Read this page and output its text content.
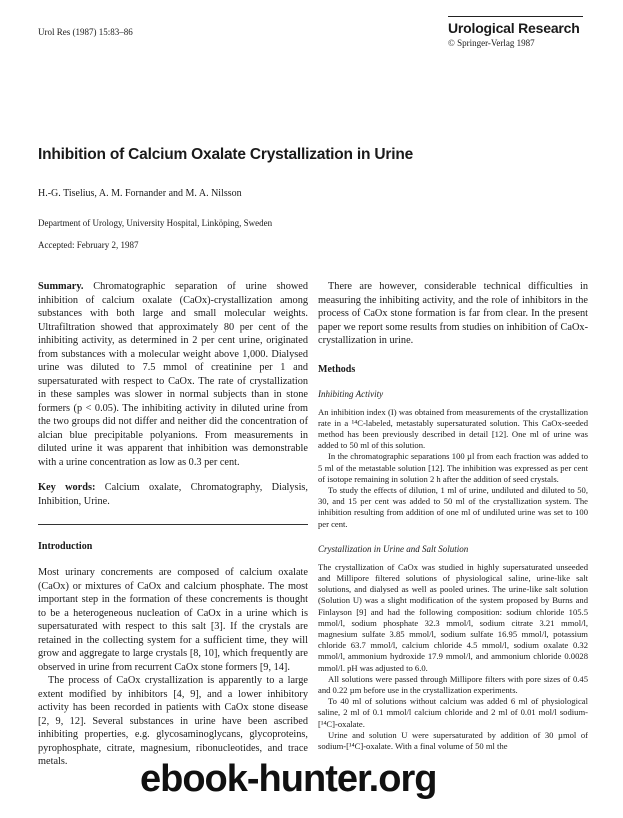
Urol Res (1987) 15:83–86	Urological Research
© Springer-Verlag 1987
Inhibition of Calcium Oxalate Crystallization in Urine
H.-G. Tiselius, A. M. Fornander and M. A. Nilsson
Department of Urology, University Hospital, Linköping, Sweden
Accepted: February 2, 1987

Summary. Chromatographic separation of urine showed inhibition of calcium oxalate (CaOx)-crystallization among substances with both large and small molecular weights. Ultrafiltration showed that approximately 80 per cent of the inhibiting activity, as determined in 2 per cent urine, originated from substances with a molecular weight above 1,000. Dialysed urine was diluted to 7.5 mmol of creatinine per 1 and supersaturated with respect to CaOx. The rate of crystallization in these samples was slower in normal subjects than in stone formers (p < 0.05). The inhibiting activity in diluted urine from the two groups did not differ and neither did the concentration of alcian blue precipitable polyanions. From measurements in diluted urine it was apparent that inhibition was demonstrable with a urine concentration as low as 0.3 per cent.

Key words: Calcium oxalate, Chromatography, Dialysis, Inhibition, Urine.

Introduction

Most urinary concrements are composed of calcium oxalate (CaOx) or mixtures of CaOx and calcium phosphate. The most important step in the formation of these concrements is thought to be a heterogeneous nucleation of CaOx in a urine which is supersaturated with respect to this salt [3]. If the crystals are retained in the collecting system for a sufficient time, they will grow and aggregate to large crystals [8, 10], which frequently are observed in urine from recurrent CaOx stone formers [9, 14].

The process of CaOx crystallization is apparently to a large extent modified by inhibitors [4, 9], and a lower inhibitory activity has been recorded in patients with CaOx stone disease [2, 9, 12]. Several substances in urine have been ascribed inhibiting properties, e.g. glycosaminoglycans, glycoproteins, pyrophosphate, citrate, magnesium, ribonucleotides, and trace metals.

There are however, considerable technical difficulties in measuring the inhibiting activity, and the role of inhibitors in the process of CaOx stone formation is far from clear. In the present paper we report some results from studies on inhibition of CaOx-crystallization in urine.

Methods

Inhibiting Activity

An inhibition index (I) was obtained from measurements of the crystallization rate in a ¹⁴C-labeled, metastably supersaturated solution. This CaOx-seeded method has been previously described in detail [12]. One ml of urine was added to 50 ml of this solution.

In the chromatographic separations 100 µl from each fraction was added to 5 ml of the metastable solution [12]. The inhibition was expressed as per cent of isotope remaining in solution 2 h after the addition of seed crystals.

To study the effects of dilution, 1 ml of urine, undiluted and diluted to 50, 30, and 15 per cent was added to 50 ml of the crystallization system. The inhibition resulting from addition of one ml of undiluted urine was set to 100 per cent.

Crystallization in Urine and Salt Solution

The crystallization of CaOx was studied in highly supersaturated unseeded and Millipore filtered solutions of physiological saline, urine-like salt solutions, and dialysed as well as pooled urines. The urine-like salt solution (Solution U) was a slight modification of the system proposed by Burns and Finlayson [9] and had the following composition: sodium chloride 105.5 mmol/l, sodium phosphate 32.3 mmol/l, sodium citrate 3.21 mmol/l, magnesium sulfate 3.85 mmol/l, sodium sulfate 16.95 mmol/l, potassium chloride 63.7 mmol/l, calcium chloride 4.5 mmol/l, sodium oxalate 0.32 mmol/l, ammonium hydroxide 17.9 mmol/l, and ammonium chloride 0.0028 mmol/l. pH was adjusted to 6.0.

All solutions were passed through Millipore filters with pore sizes of 0.45 and 0.22 µm before use in the crystallization experiments.

To 40 ml of solutions without calcium was added 6 ml of physiological saline, 2 ml of 0.1 mmol/l calcium chloride and 2 ml of 0.01 mol/l sodium-[¹⁴C]-oxalate.

Urine and solution U were supersaturated by addition of 30 µmol of sodium-[¹⁴C]-oxalate. With a final volume of 50 ml the

ebook-hunter.org
